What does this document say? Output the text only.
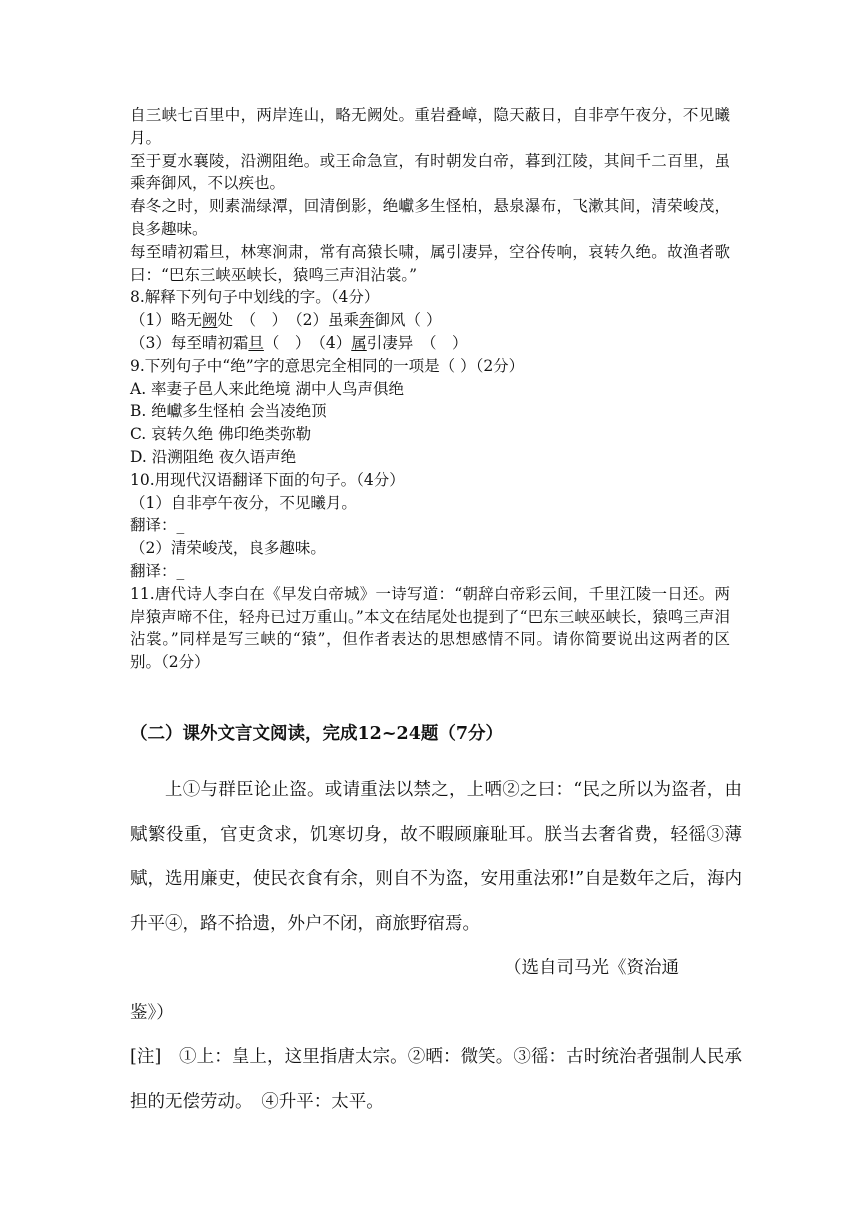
自三峡七百里中，两岸连山，略无阙处。重岩叠嶂，隐天蔽日，自非亭午夜分，不见曦月。

至于夏水襄陵，沿溯阻绝。或王命急宣，有时朝发白帝，暮到江陵，其间千二百里，虽乘奔御风，不以疾也。

春冬之时，则素湍绿潭，回清倒影，绝巘多生怪柏，悬泉瀑布，飞漱其间，清荣峻茂，良多趣味。

每至晴初霜旦，林寒涧肃，常有高猿长啸，属引凄异，空谷传响，哀转久绝。故渔者歌曰：“巴东三峡巫峡长，猿鸣三声泪沾裳。”

8.解释下列句子中划线的字。（4分）

（1）略无阙处　（　）　（2）虽乘奔御风（ ）

（3）每至晴初霜旦（　）　（4）属引凄异　（　）

9.下列句子中“绝”字的意思完全相同的一项是（ ）（2分）

A. 率妻子邑人来此绝境 湖中人鸟声俱绝

B. 绝巘多生怪柏 会当凌绝顶

C. 哀转久绝 佛印绝类弥勒

D. 沿溯阻绝 夜久语声绝

10.用现代汉语翻译下面的句子。（4分）

（1）自非亭午夜分，不见曦月。

翻译：_

（2）清荣峻茂，良多趣味。

翻译：_

11.唐代诗人李白在《早发白帝城》一诗写道：“朝辞白帝彩云间，千里江陵一日还。两岸猿声啼不住，轻舟已过万重山。”本文在结尾处也提到了“巴东三峡巫峡长，猿鸣三声泪沾裳。”同样是写三峡的“猿”，但作者表达的思想感情不同。请你简要说出这两者的区别。（2分）

（二）课外文言文阅读，完成12~24题（7分）

上①与群臣论止盗。或请重法以禁之，上哂②之曰：“民之所以为盗者，由赋繁役重，官吏贪求，饥寒切身，故不暇顾廉耻耳。朕当去奢省费，轻徭③薄赋，选用廉吏，使民衣食有余，则自不为盗，安用重法邪!”自是数年之后，海内升平④，路不拾遗，外户不闭，商旅野宿焉。

（选自司马光《资治通

鉴》）

[注]　①上：皇上，这里指唐太宗。②晒：微笑。③徭：古时统治者强制人民承担的无偿劳动。　④升平：太平。
